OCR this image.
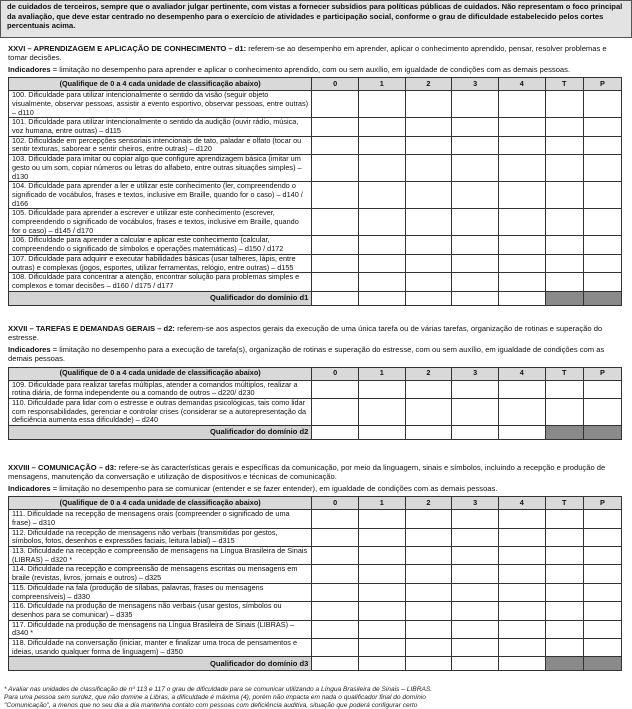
de cuidados de terceiros, sempre que o avaliador julgar pertinente, com vistas a fornecer subsídios para políticas públicas de cuidados. Não representam o foco principal da avaliação, que deve estar centrado no desempenho para o exercício de atividades e participação social, conforme o grau de dificuldade estabelecido pelos cortes percentuais acima.

XXVI – APRENDIZAGEM E APLICAÇÃO DE CONHECIMENTO – d1: referem-se ao desempenho em aprender, aplicar o conhecimento aprendido, pensar, resolver problemas e tomar decisões.

Indicadores = limitação no desempenho para aprender e aplicar o conhecimento aprendido, com ou sem auxílio, em igualdade de condições com as demais pessoas.

(Qualifique de 0 a 4 cada unidade de classificação abaixo)	0	1	2	3	4	T	P
100. Dificuldade para utilizar intencionalmente o sentido da visão (seguir objeto visualmente, observar pessoas, assistir a evento esportivo, observar pessoas, entre outras) – d110							
101. Dificuldade para utilizar intencionalmente o sentido da audição (ouvir rádio, música, voz humana, entre outras) – d115							
102. Dificuldade em percepções sensoriais intencionais de tato, paladar e olfato (tocar ou sentir texturas, saborear e sentir cheiros, entre outras) – d120							
103. Dificuldade para imitar ou copiar algo que configure aprendizagem básica (imitar um gesto ou um som, copiar números ou letras do alfabeto, entre outras situações simples) – d130							
104. Dificuldade para aprender a ler e utilizar este conhecimento (ler, compreendendo o significado de vocábulos, frases e textos, inclusive em Braille, quando for o caso) – d140 / d166							
105. Dificuldade para aprender a escrever e utilizar este conhecimento (escrever, compreendendo o significado de vocábulos, frases e textos, inclusive em Braille, quando for o caso) – d145 / d170							
106. Dificuldade para aprender a calcular e aplicar este conhecimento (calcular, compreendendo o significado de símbolos e operações matemáticas) – d150 / d172							
107. Dificuldade para adquirir e executar habilidades básicas (usar talheres, lápis, entre outras) e complexas (jogos, esportes, utilizar ferramentas, relógio, entre outras) – d155							
108. Dificuldade para concentrar a atenção, encontrar solução para problemas simples e complexos e tomar decisões – d160 / d175 / d177							
Qualificador do domínio d1							

XXVII – TAREFAS E DEMANDAS GERAIS – d2: referem-se aos aspectos gerais da execução de uma única tarefa ou de várias tarefas, organização de rotinas e superação do estresse.

Indicadores = limitação no desempenho para a execução de tarefa(s), organização de rotinas e superação do estresse, com ou sem auxílio, em igualdade de condições com as demais pessoas.

(Qualifique de 0 a 4 cada unidade de classificação abaixo)	0	1	2	3	4	T	P
109. Dificuldade para realizar tarefas múltiplas, atender a comandos múltiplos, realizar a rotina diária, de forma independente ou a comando de outros – d220/ d230							
110. Dificuldade para lidar com o estresse e outras demandas psicológicas, tais como lidar com responsabilidades, gerenciar e controlar crises (considerar se a autorepresentação da deficiência aumenta essa dificuldade) – d240							
Qualificador do domínio d2							

XXVIII – COMUNICAÇÃO – d3: refere-se às características gerais e específicas da comunicação, por meio da linguagem, sinais e símbolos, incluindo a recepção e produção de mensagens, manutenção da conversação e utilização de dispositivos e técnicas de comunicação.

Indicadores = limitação no desempenho para se comunicar (entender e se fazer entender), em igualdade de condições com as demais pessoas.

(Qualifique de 0 a 4 cada unidade de classificação abaixo)	0	1	2	3	4	T	P
111. Dificuldade na recepção de mensagens orais (compreender o significado de uma frase) – d310							
112. Dificuldade na recepção de mensagens não verbais (transmitidas por gestos, símbolos, fotos, desenhos e expressões faciais, leitura labial) – d315							
113. Dificuldade na recepção e compreensão de mensagens na Língua Brasileira de Sinais (LIBRAS) – d320 *							
114. Dificuldade na recepção e compreensão de mensagens escritas ou mensagens em braile (revistas, livros, jornais e outros) – d325							
115. Dificuldade na fala (produção de sílabas, palavras, frases ou mensagens compreensíveis) – d330							
116. Dificuldade na produção de mensagens não verbais (usar gestos, símbolos ou desenhos para se comunicar) – d335							
117. Dificuldade na produção de mensagens na Língua Brasileira de Sinais (LIBRAS) – d340 *							
118. Dificuldade na conversação (iniciar, manter e finalizar uma troca de pensamentos e ideias, usando qualquer forma de linguagem) – d350							
Qualificador do domínio d3							

* Avaliar nas unidades de classificação de nº 113 e 117 o grau de dificuldade para se comunicar utilizando a Língua Brasileira de Sinais – LIBRAS.

Para uma pessoa sem surdez, que não domine a Libras, a dificuldade é máxima (4), porém não impacta em nada o qualificador final do domínio

"Comunicação", a menos que no seu dia a dia mantenha contato com pessoas com deficiência auditiva, situação que poderá configurar certo
